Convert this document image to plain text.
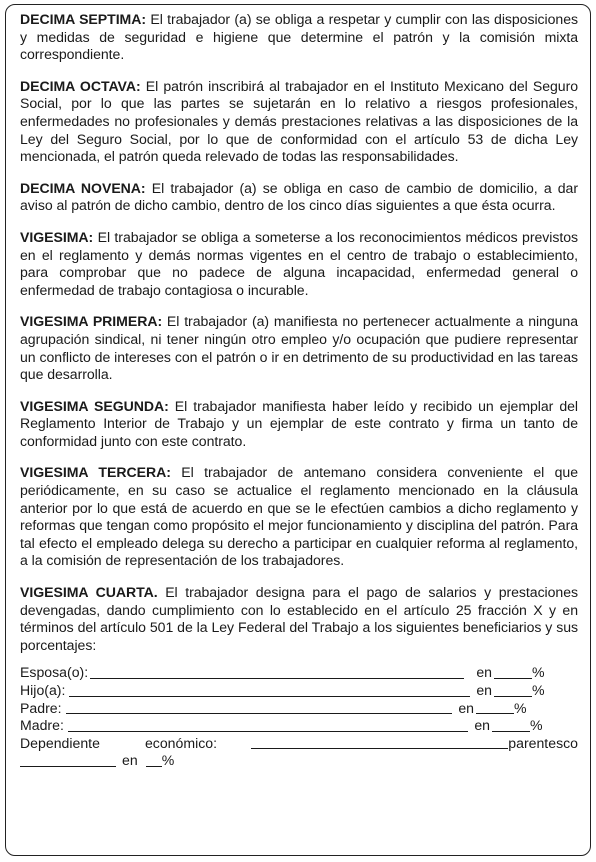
DECIMA SEPTIMA: El trabajador (a) se obliga a respetar y cumplir con las disposiciones y medidas de seguridad e higiene que determine el patrón y la comisión mixta correspondiente.

DECIMA OCTAVA: El patrón inscribirá al trabajador en el Instituto Mexicano del Seguro Social, por lo que las partes se sujetarán en lo relativo a riesgos profesionales, enfermedades no profesionales y demás prestaciones relativas a las disposiciones de la Ley del Seguro Social, por lo que de conformidad con el artículo 53 de dicha Ley mencionada, el patrón queda relevado de todas las responsabilidades.

DECIMA NOVENA: El trabajador (a) se obliga en caso de cambio de domicilio, a dar aviso al patrón de dicho cambio, dentro de los cinco días siguientes a que ésta ocurra.

VIGESIMA: El trabajador se obliga a someterse a los reconocimientos médicos previstos en el reglamento y demás normas vigentes en el centro de trabajo o establecimiento, para comprobar que no padece de alguna incapacidad, enfermedad general o enfermedad de trabajo contagiosa o incurable.

VIGESIMA PRIMERA: El trabajador (a) manifiesta no pertenecer actualmente a ninguna agrupación sindical, ni tener ningún otro empleo y/o ocupación que pudiere representar un conflicto de intereses con el patrón o ir en detrimento de su productividad en las tareas que desarrolla.

VIGESIMA SEGUNDA: El trabajador manifiesta haber leído y recibido un ejemplar del Reglamento Interior de Trabajo y un ejemplar de este contrato y firma un tanto de conformidad junto con este contrato.

VIGESIMA TERCERA: El trabajador de antemano considera conveniente el que periódicamente, en su caso se actualice el reglamento mencionado en la cláusula anterior por lo que está de acuerdo en que se le efectúen cambios a dicho reglamento y reformas que tengan como propósito el mejor funcionamiento y disciplina del patrón. Para tal efecto el empleado delega su derecho a participar en cualquier reforma al reglamento, a la comisión de representación de los trabajadores.

VIGESIMA CUARTA. El trabajador designa para el pago de salarios y prestaciones devengadas, dando cumplimiento con lo establecido en el artículo 25 fracción X y en términos del artículo 501 de la Ley Federal del Trabajo a los siguientes beneficiarios y sus porcentajes:

Esposa(o):	en	%
Hijo(a):	en	%
Padre:	en	%
Madre:	en	%
Dependiente	económico:	parentesco
en %
